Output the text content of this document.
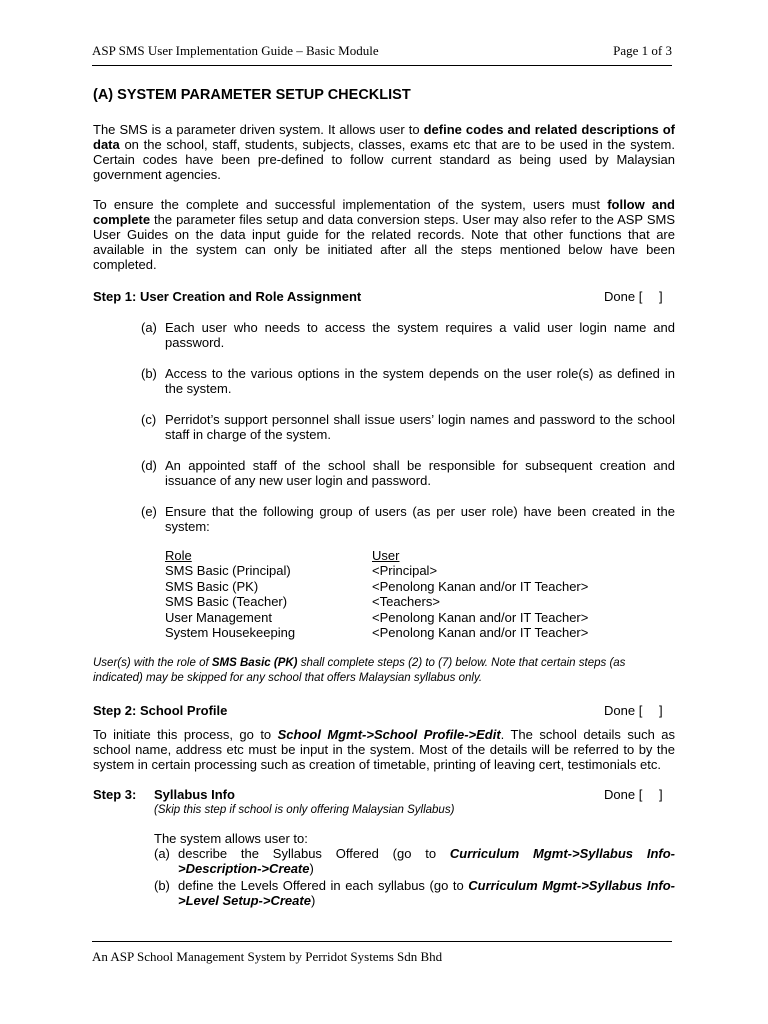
ASP SMS User Implementation Guide – Basic Module	Page 1 of 3
(A) SYSTEM PARAMETER SETUP CHECKLIST

The SMS is a parameter driven system. It allows user to define codes and related descriptions of data on the school, staff, students, subjects, classes, exams etc that are to be used in the system. Certain codes have been pre-defined to follow current standard as being used by Malaysian government agencies.

To ensure the complete and successful implementation of the system, users must follow and complete the parameter files setup and data conversion steps. User may also refer to the ASP SMS User Guides on the data input guide for the related records. Note that other functions that are available in the system can only be initiated after all the steps mentioned below have been completed.

Step 1: User Creation and Role Assignment	Done [ ]
(a) Each user who needs to access the system requires a valid user login name and password.
(b) Access to the various options in the system depends on the user role(s) as defined in the system.
(c) Perridot’s support personnel shall issue users’ login names and password to the school staff in charge of the system.
(d) An appointed staff of the school shall be responsible for subsequent creation and issuance of any new user login and password.
(e) Ensure that the following group of users (as per user role) have been created in the system:
Role	User
SMS Basic (Principal)	<Principal>
SMS Basic (PK)	<Penolong Kanan and/or IT Teacher>
SMS Basic (Teacher)	<Teachers>
User Management	<Penolong Kanan and/or IT Teacher>
System Housekeeping	<Penolong Kanan and/or IT Teacher>

User(s) with the role of SMS Basic (PK) shall complete steps (2) to (7) below. Note that certain steps (as indicated) may be skipped for any school that offers Malaysian syllabus only.

Step 2: School Profile	Done [ ]

To initiate this process, go to School Mgmt->School Profile->Edit. The school details such as school name, address etc must be input in the system. Most of the details will be referred to by the system in certain processing such as creation of timetable, printing of leaving cert, testimonials etc.

Step 3: Syllabus Info	Done [ ]
(Skip this step if school is only offering Malaysian Syllabus)
The system allows user to:
(a) describe the Syllabus Offered (go to Curriculum Mgmt->Syllabus Info->Description->Create)
(b) define the Levels Offered in each syllabus (go to Curriculum Mgmt->Syllabus Info->Level Setup->Create)
An ASP School Management System by Perridot Systems Sdn Bhd
